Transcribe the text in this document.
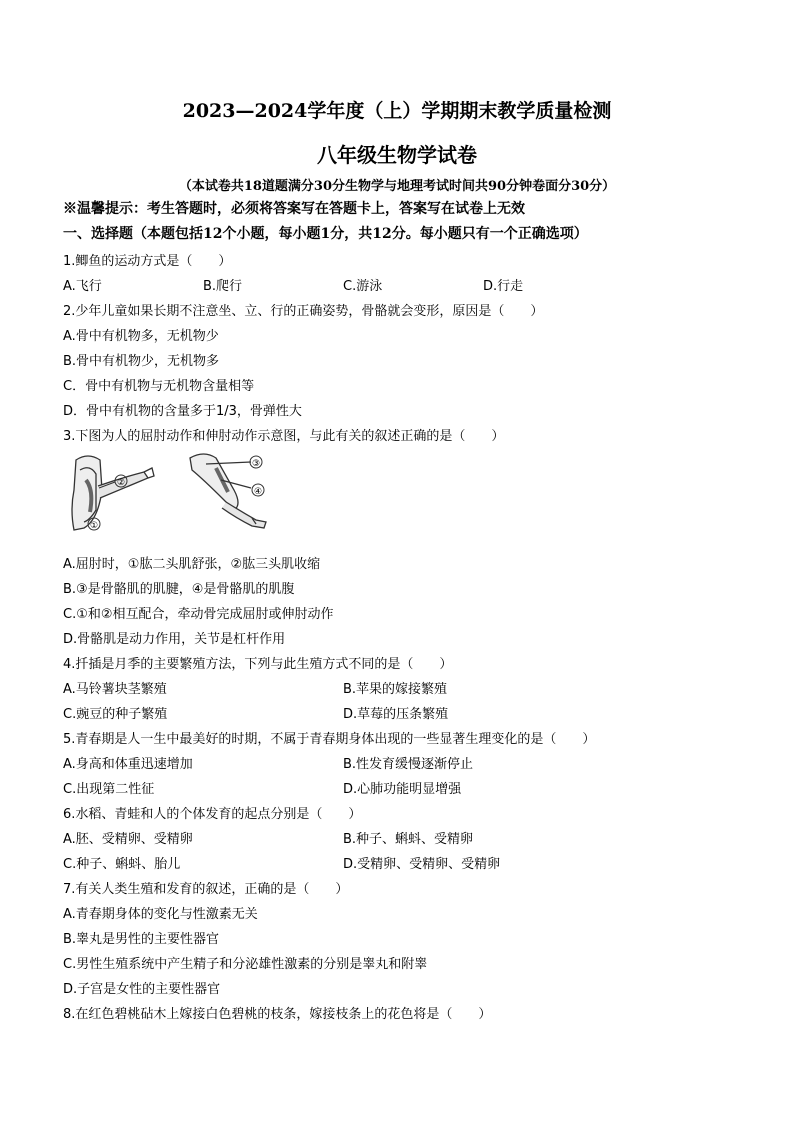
2023—2024学年度（上）学期期末教学质量检测
八年级生物学试卷
（本试卷共18道题满分30分生物学与地理考试时间共90分钟卷面分30分）
※温馨提示：考生答题时，必须将答案写在答题卡上，答案写在试卷上无效
一、选择题（本题包括12个小题，每小题1分，共12分。每小题只有一个正确选项）
1.鲫鱼的运动方式是（　　）
A.飞行	B.爬行	C.游泳	D.行走
2.少年儿童如果长期不注意坐、立、行的正确姿势，骨骼就会变形，原因是（　　）
A.骨中有机物多，无机物少
B.骨中有机物少，无机物多
C．骨中有机物与无机物含量相等
D．骨中有机物的含量多于1/3，骨弹性大
3.下图为人的屈肘动作和伸肘动作示意图，与此有关的叙述正确的是（　　）
②
①
③
④
A.屈肘时，①肱二头肌舒张，②肱三头肌收缩
B.③是骨骼肌的肌腱，④是骨骼肌的肌腹
C.①和②相互配合，牵动骨完成屈肘或伸肘动作
D.骨骼肌是动力作用，关节是杠杆作用
4.扦插是月季的主要繁殖方法，下列与此生殖方式不同的是（　　）
A.马铃薯块茎繁殖	B.苹果的嫁接繁殖
C.豌豆的种子繁殖	D.草莓的压条繁殖
5.青春期是人一生中最美好的时期，不属于青春期身体出现的一些显著生理变化的是（　　）
A.身高和体重迅速增加	B.性发育缓慢逐渐停止
C.出现第二性征	D.心肺功能明显增强
6.水稻、青蛙和人的个体发育的起点分别是（　　）
A.胚、受精卵、受精卵	B.种子、蝌蚪、受精卵
C.种子、蝌蚪、胎儿	D.受精卵、受精卵、受精卵
7.有关人类生殖和发育的叙述，正确的是（　　）
A.青春期身体的变化与性激素无关
B.睾丸是男性的主要性器官
C.男性生殖系统中产生精子和分泌雄性激素的分别是睾丸和附睾
D.子宫是女性的主要性器官
8.在红色碧桃砧木上嫁接白色碧桃的枝条，嫁接枝条上的花色将是（　　）
